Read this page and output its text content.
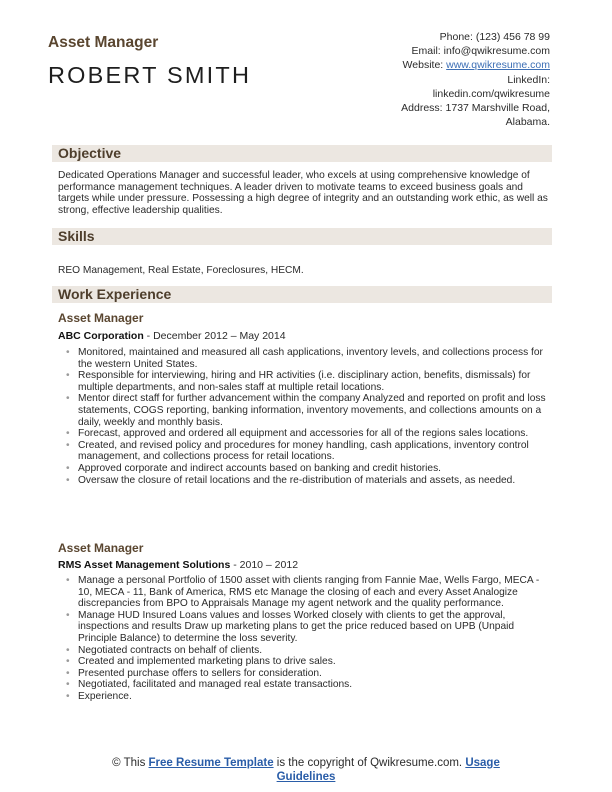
Asset Manager
ROBERT SMITH
Phone: (123) 456 78 99
Email: info@qwikresume.com
Website: www.qwikresume.com
LinkedIn:
linkedin.com/qwikresume
Address: 1737 Marshville Road,
Alabama.
Objective
Dedicated Operations Manager and successful leader, who excels at using comprehensive knowledge of performance management techniques. A leader driven to motivate teams to exceed business goals and targets while under pressure. Possessing a high degree of integrity and an outstanding work ethic, as well as strong, effective leadership qualities.
Skills
REO Management, Real Estate, Foreclosures, HECM.
Work Experience
Asset Manager
ABC Corporation - December 2012 – May 2014
• Monitored, maintained and measured all cash applications, inventory levels, and collections process for the western United States.
• Responsible for interviewing, hiring and HR activities (i.e. disciplinary action, benefits, dismissals) for multiple departments, and non-sales staff at multiple retail locations.
• Mentor direct staff for further advancement within the company Analyzed and reported on profit and loss statements, COGS reporting, banking information, inventory movements, and collections amounts on a daily, weekly and monthly basis.
• Forecast, approved and ordered all equipment and accessories for all of the regions sales locations.
• Created, and revised policy and procedures for money handling, cash applications, inventory control management, and collections process for retail locations.
• Approved corporate and indirect accounts based on banking and credit histories.
• Oversaw the closure of retail locations and the re-distribution of materials and assets, as needed.
Asset Manager
RMS Asset Management Solutions - 2010 – 2012
• Manage a personal Portfolio of 1500 asset with clients ranging from Fannie Mae, Wells Fargo, MECA - 10, MECA - 11, Bank of America, RMS etc Manage the closing of each and every Asset Analogize discrepancies from BPO to Appraisals Manage my agent network and the quality performance.
• Manage HUD Insured Loans values and losses Worked closely with clients to get the approval, inspections and results Draw up marketing plans to get the price reduced based on UPB (Unpaid Principle Balance) to determine the loss severity.
• Negotiated contracts on behalf of clients.
• Created and implemented marketing plans to drive sales.
• Presented purchase offers to sellers for consideration.
• Negotiated, facilitated and managed real estate transactions.
• Experience.
© This Free Resume Template is the copyright of Qwikresume.com. Usage
Guidelines
